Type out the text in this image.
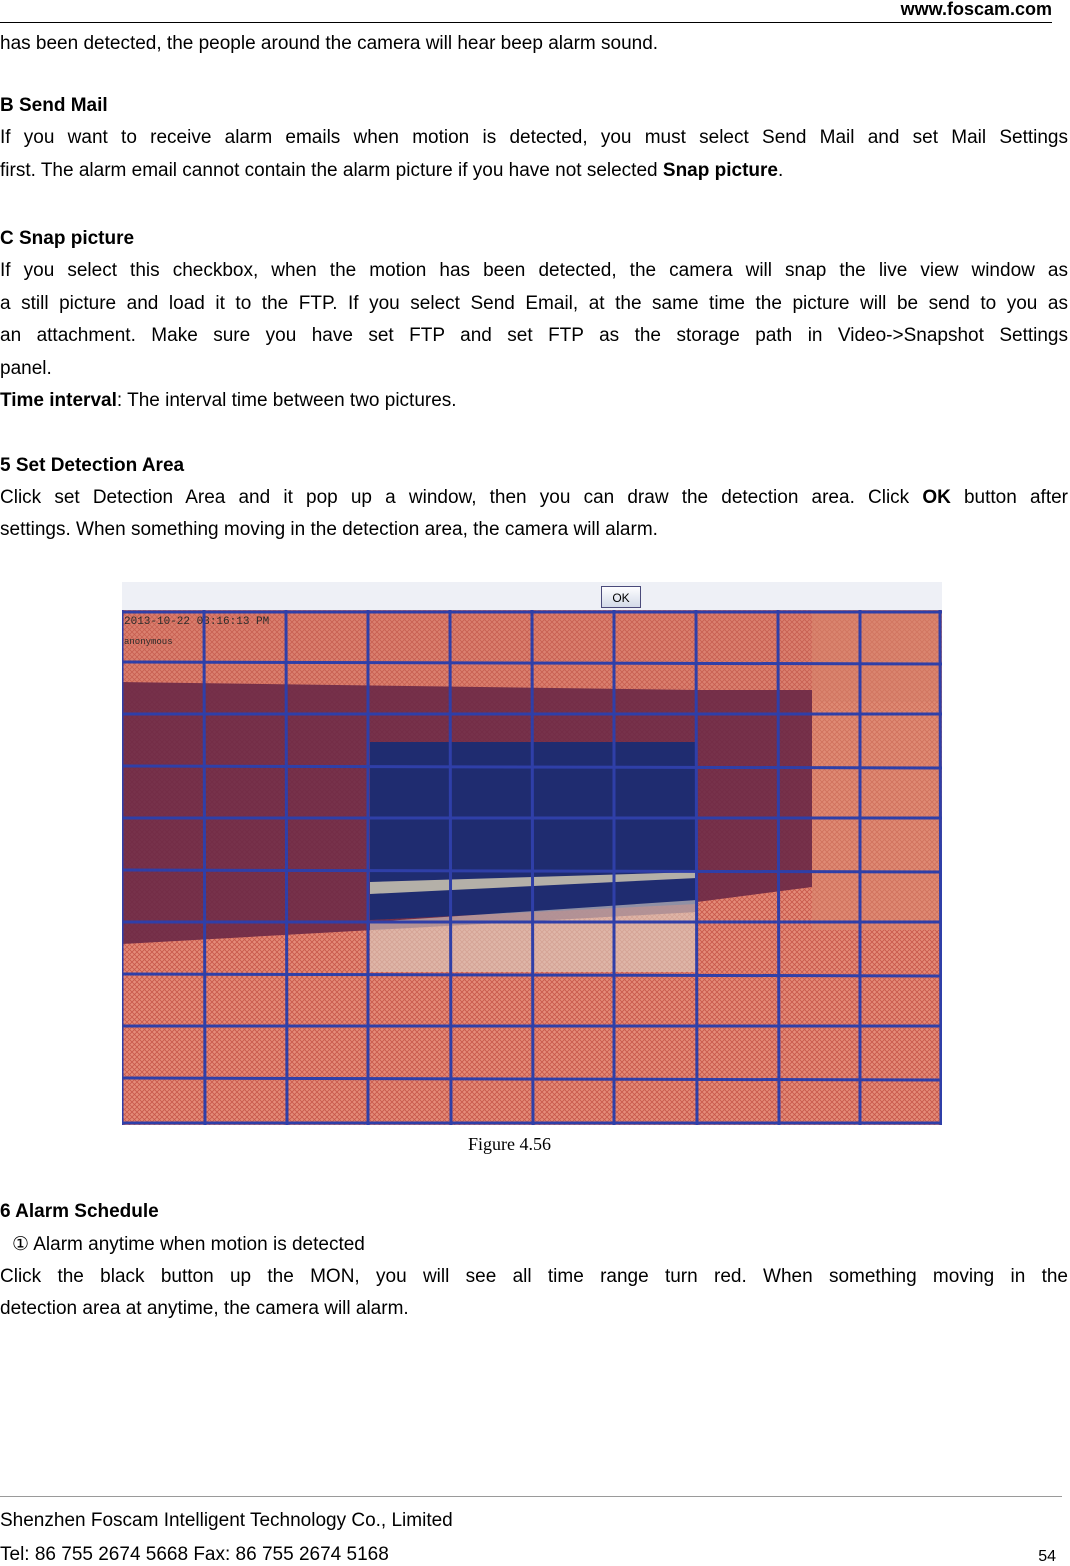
www.foscam.com
has been detected, the people around the camera will hear beep alarm sound.
B Send Mail
If you want to receive alarm emails when motion is detected, you must select Send Mail and set Mail Settings
first. The alarm email cannot contain the alarm picture if you have not selected Snap picture.
C Snap picture
If you select this checkbox, when the motion has been detected, the camera will snap the live view window as
a still picture and load it to the FTP. If you select Send Email, at the same time the picture will be send to you as
an attachment. Make sure you have set FTP and set FTP as the storage path in Video->Snapshot Settings
panel.
Time interval: The interval time between two pictures.
5 Set Detection Area
Click set Detection Area and it pop up a window, then you can draw the detection area. Click OK button after
settings. When something moving in the detection area, the camera will alarm.
2013-10-22 03:16:13 PM
anonymous
OK
Figure 4.56
6 Alarm Schedule
① Alarm anytime when motion is detected
Click the black button up the MON, you will see all time range turn red. When something moving in the
detection area at anytime, the camera will alarm.
Shenzhen Foscam Intelligent Technology Co., Limited
Tel: 86 755 2674 5668 Fax: 86 755 2674 5168	54
